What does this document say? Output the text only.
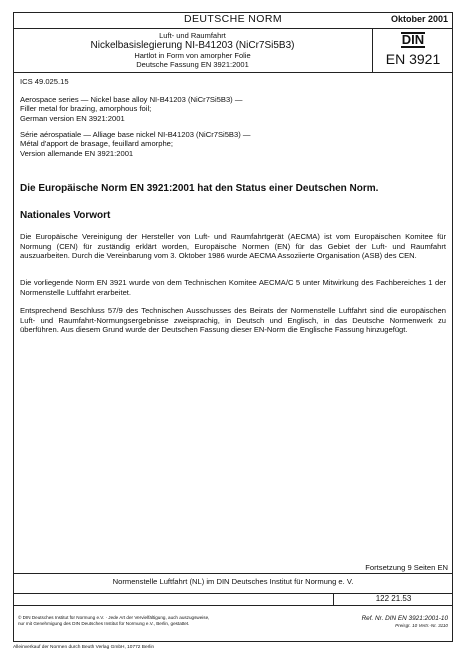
DEUTSCHE NORM	Oktober 2001
Luft- und Raumfahrt
Nickelbasislegierung NI-B41203 (NiCr7Si5B3)
Hartlot in Form von amorpher Folie
Deutsche Fassung EN 3921:2001
DIN
EN 3921
ICS 49.025.15
Aerospace series — Nickel base alloy NI-B41203 (NiCr7Si5B3) —
Filler metal for brazing, amorphous foil;
German version EN 3921:2001
Série aérospatiale — Alliage base nickel NI-B41203 (NiCr7Si5B3) —
Métal d'apport de brasage, feuillard amorphe;
Version allemande EN 3921:2001
Die Europäische Norm EN 3921:2001 hat den Status einer Deutschen Norm.
Nationales Vorwort
Die Europäische Vereinigung der Hersteller von Luft- und Raumfahrtgerät (AECMA) ist vom Europäischen Komitee für Normung (CEN) für zuständig erklärt worden, Europäische Normen (EN) für das Gebiet der Luft- und Raumfahrt auszuarbeiten. Durch die Vereinbarung vom 3. Oktober 1986 wurde AECMA Assoziierte Organisation (ASB) des CEN.
Die vorliegende Norm EN 3921 wurde von dem Technischen Komitee AECMA/C 5 unter Mitwirkung des Fachbereiches 1 der Normenstelle Luftfahrt erarbeitet.
Entsprechend Beschluss 57/9 des Technischen Ausschusses des Beirats der Normenstelle Luftfahrt sind die europäischen Luft- und Raumfahrt-Normungsergebnisse zweisprachig, in Deutsch und Englisch, in das Deutsche Normenwerk zu überführen. Aus diesem Grund wurde der Deutschen Fassung dieser EN-Norm die Englische Fassung hinzugefügt.
Fortsetzung 9 Seiten EN
Normenstelle Luftfahrt (NL) im DIN Deutsches Institut für Normung e. V.
122 21.53
© DIN Deutsches Institut für Normung e.V. · Jede Art der Vervielfältigung, auch auszugsweise,
nur mit Genehmigung des DIN Deutsches Institut für Normung e.V., Berlin, gestattet.
Ref. Nr. DIN EN 3921:2001-10
Preisgr. 10 Vertr.-Nr. 3110
Alleinverkauf der Normen durch Beuth Verlag GmbH, 10772 Berlin
